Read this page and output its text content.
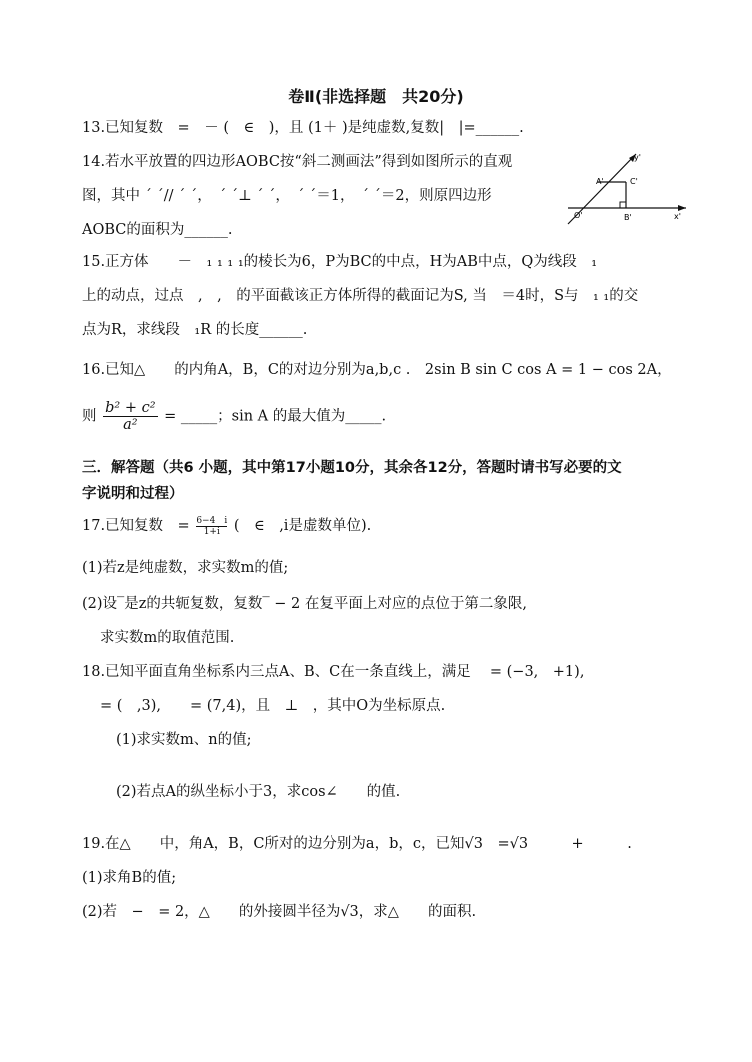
卷Ⅱ(非选择题　共20分)
13.已知复数　=　－ (　∈　)，且 (1＋ )是纯虚数,复数|　|=______.
14.若水平放置的四边形AOBC按“斜二测画法”得到如图所示的直观
图，其中 ˊ ˊ// ˊ ˊ，　ˊ ˊ⊥ ˊ ˊ，　ˊ ˊ＝1，　ˊ ˊ＝2，则原四边形
AOBC的面积为______.
y'
A'	C'
O'	B'	x'
15.正方体　　－　₁ ₁ ₁ ₁的棱长为6，P为BC的中点，H为AB中点，Q为线段　₁
上的动点，过点　,　,　的平面截该正方体所得的截面记为S, 当　＝4时，S与　₁ ₁的交
点为R，求线段　₁R 的长度______.
16.已知△　　的内角A，B，C的对边分别为a,b,c .　2sin B sin C cos A = 1 − cos 2A，
则 $\frac{\text{b² + c²}}{\text{a²}}$ = _____；sin A 的最大值为_____.
三．解答题（共6 小题，其中第17小题10分，其余各12分，答题时请书写必要的文
字说明和过程）
17.已知复数　= $\frac{6-4 i}{1+i}$ (　∈　,i是虚数单位).
(1)若z是纯虚数，求实数m的值;
(2)设‾是z的共轭复数，复数‾ − 2 在复平面上对应的点位于第二象限,
求实数m的取值范围.
18.已知平面直角坐标系内三点A、B、C在一条直线上，满足　 = (−3,　+1),
= (　,3),　　= (7,4)，且　⊥　，其中O为坐标原点.
(1)求实数m、n的值;
(2)若点A的纵坐标小于3，求cos∠　　的值.
19.在△　　中，角A，B，C所对的边分别为a，b，c，已知√3　=√3　　　+　　　.
(1)求角B的值;
(2)若　−　= 2，△　　的外接圆半径为√3，求△　　的面积.
